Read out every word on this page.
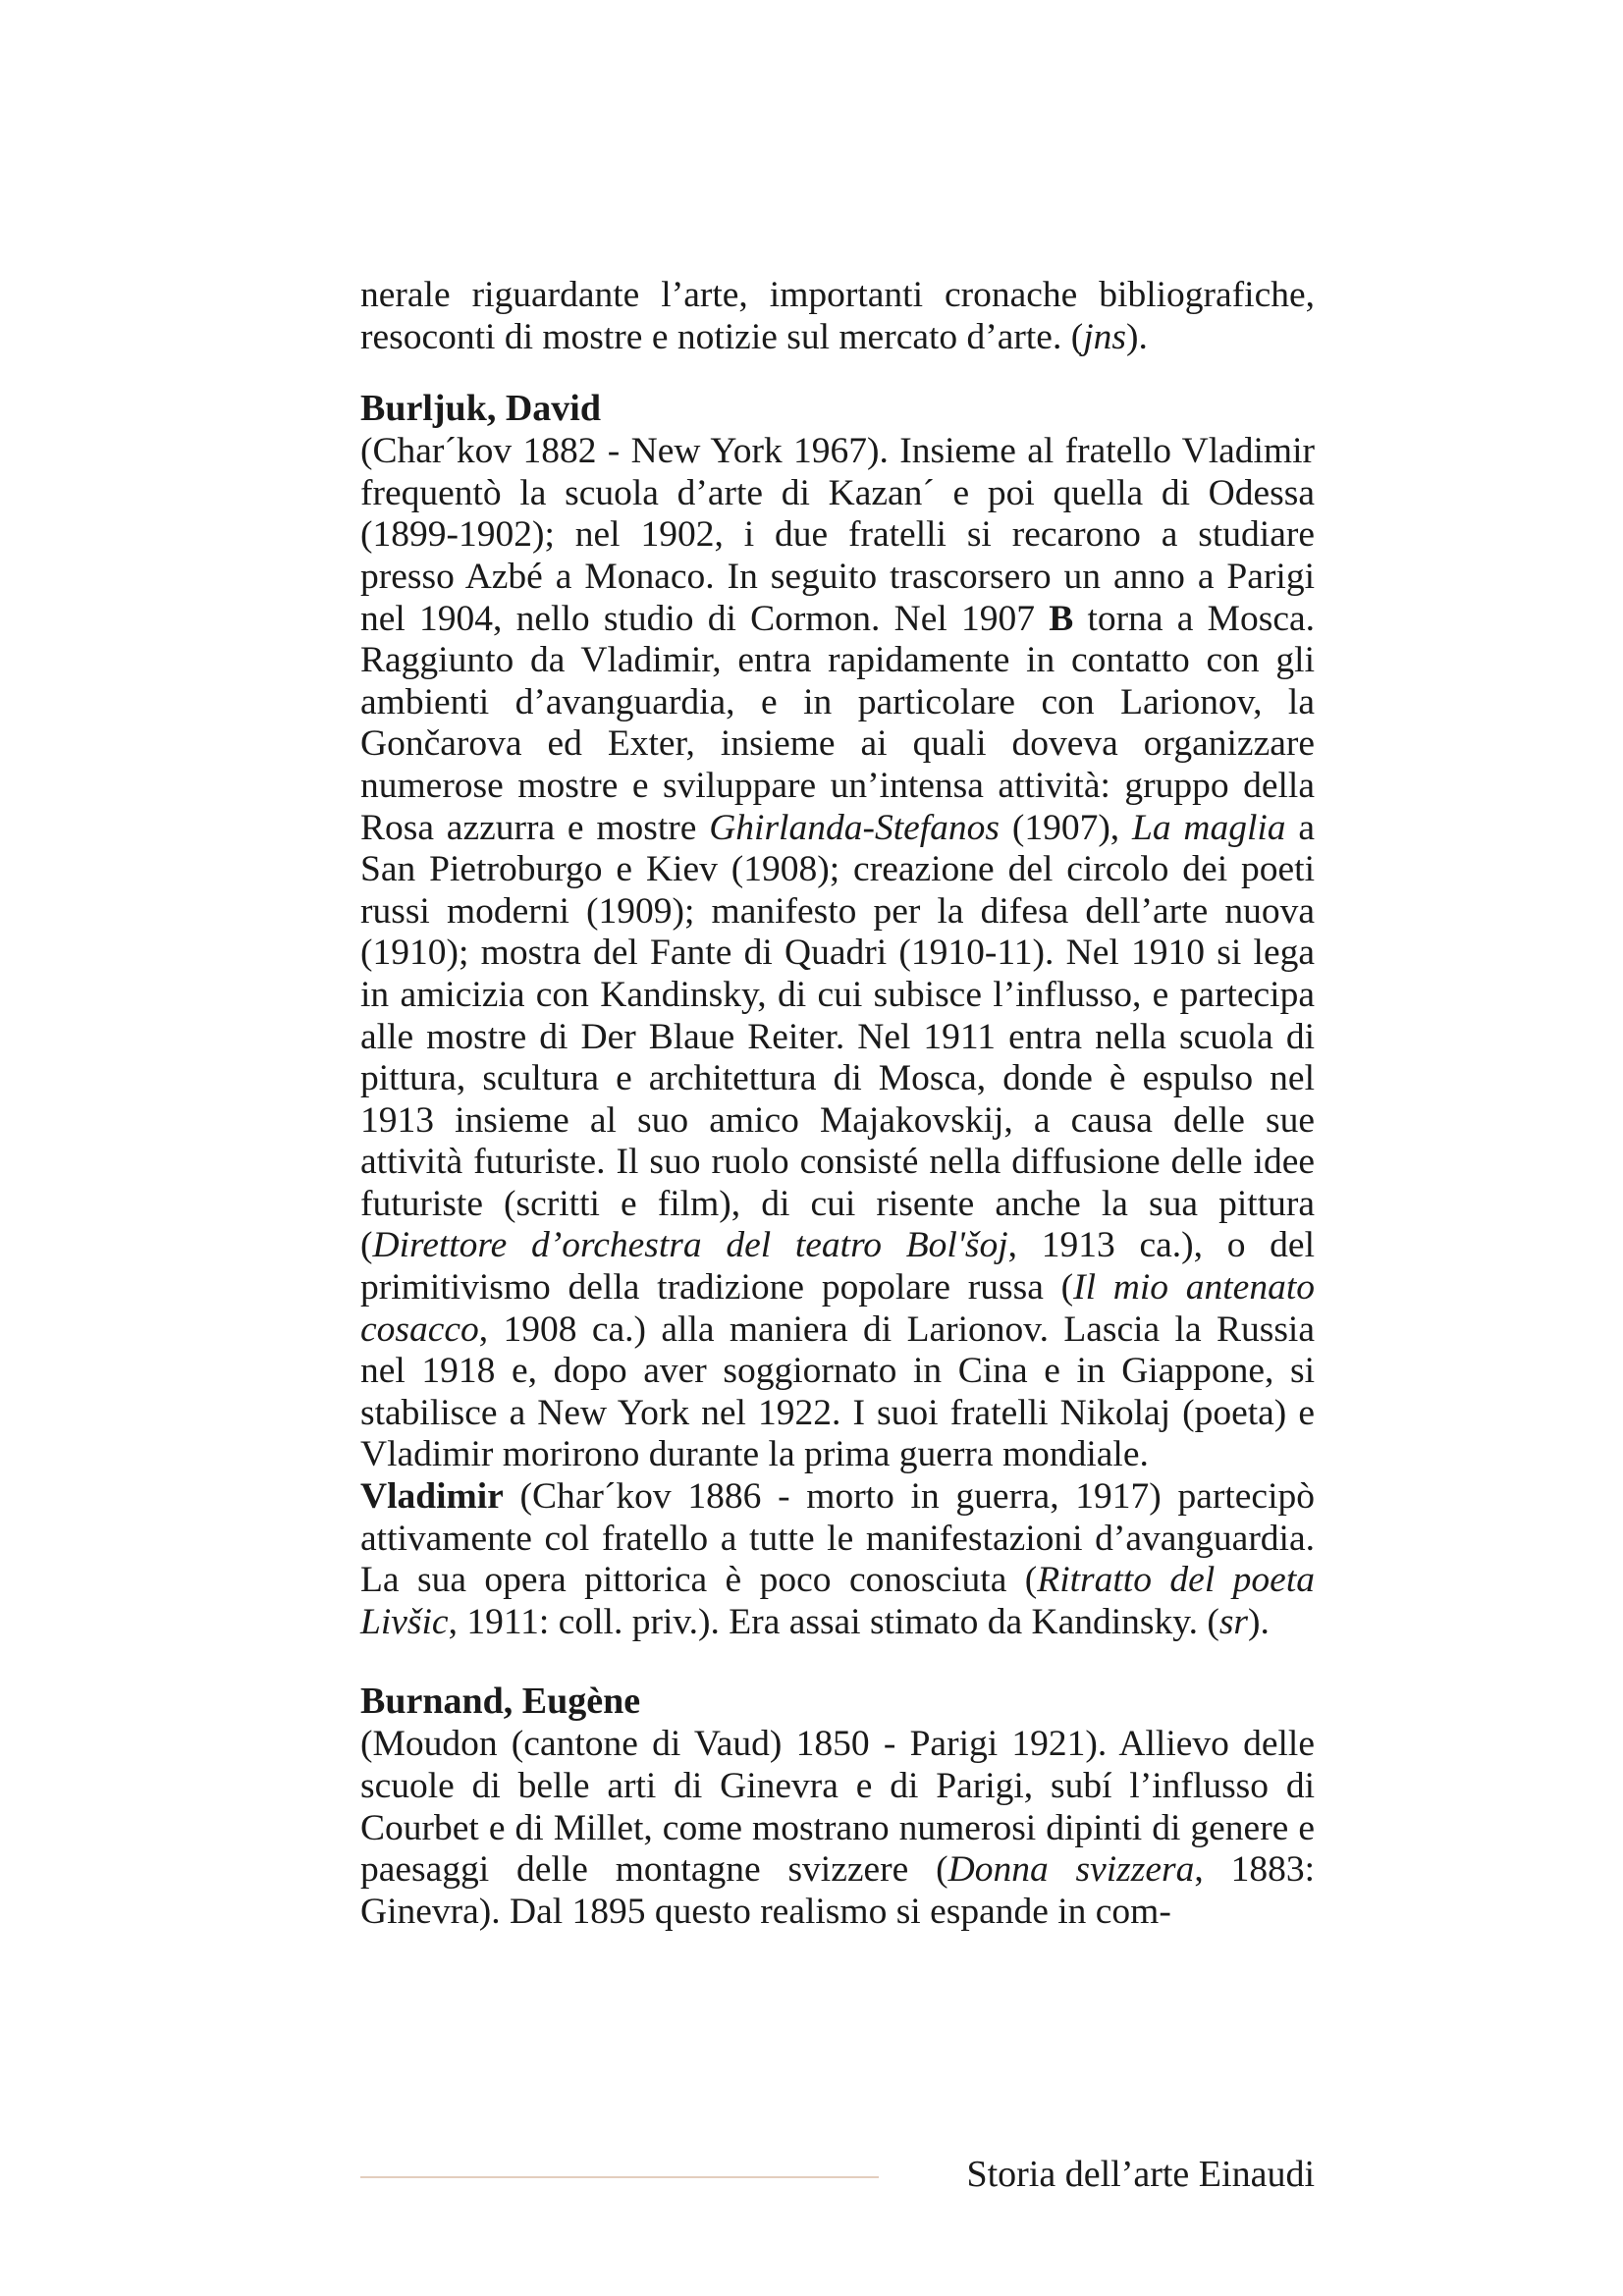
nerale riguardante l’arte, importanti cronache bibliografiche, resoconti di mostre e notizie sul mercato d’arte. (jns).

Burljuk, David

(Char´kov 1882 - New York 1967). Insieme al fratello Vladimir frequentò la scuola d’arte di Kazan´ e poi quella di Odessa (1899-1902); nel 1902, i due fratelli si recarono a studiare presso Azbé a Monaco. In seguito trascorsero un anno a Parigi nel 1904, nello studio di Cormon. Nel 1907 B torna a Mosca. Raggiunto da Vladimir, entra rapidamente in contatto con gli ambienti d’avanguardia, e in particolare con Larionov, la Gončarova ed Exter, insieme ai quali doveva organizzare numerose mostre e sviluppare un’intensa attività: gruppo della Rosa azzurra e mostre Ghirlanda-Stefanos (1907), La maglia a San Pietroburgo e Kiev (1908); creazione del circolo dei poeti russi moderni (1909); manifesto per la difesa dell’arte nuova (1910); mostra del Fante di Quadri (1910-11). Nel 1910 si lega in amicizia con Kandinsky, di cui subisce l’influsso, e partecipa alle mostre di Der Blaue Reiter. Nel 1911 entra nella scuola di pittura, scultura e architettura di Mosca, donde è espulso nel 1913 insieme al suo amico Majakovskij, a causa delle sue attività futuriste. Il suo ruolo consisté nella diffusione delle idee futuriste (scritti e film), di cui risente anche la sua pittura (Direttore d’orchestra del teatro Bol'šoj, 1913 ca.), o del primitivismo della tradizione popolare russa (Il mio antenato cosacco, 1908 ca.) alla maniera di Larionov. Lascia la Russia nel 1918 e, dopo aver soggiornato in Cina e in Giappone, si stabilisce a New York nel 1922. I suoi fratelli Nikolaj (poeta) e Vladimir morirono durante la prima guerra mondiale.

Vladimir (Char´kov 1886 - morto in guerra, 1917) partecipò attivamente col fratello a tutte le manifestazioni d’avanguardia. La sua opera pittorica è poco conosciuta (Ritratto del poeta Livšic, 1911: coll. priv.). Era assai stimato da Kandinsky. (sr).

Burnand, Eugène

(Moudon (cantone di Vaud) 1850 - Parigi 1921). Allievo delle scuole di belle arti di Ginevra e di Parigi, subí l’influsso di Courbet e di Millet, come mostrano numerosi dipinti di genere e paesaggi delle montagne svizzere (Donna svizzera, 1883: Ginevra). Dal 1895 questo realismo si espande in com-

Storia dell’arte Einaudi
